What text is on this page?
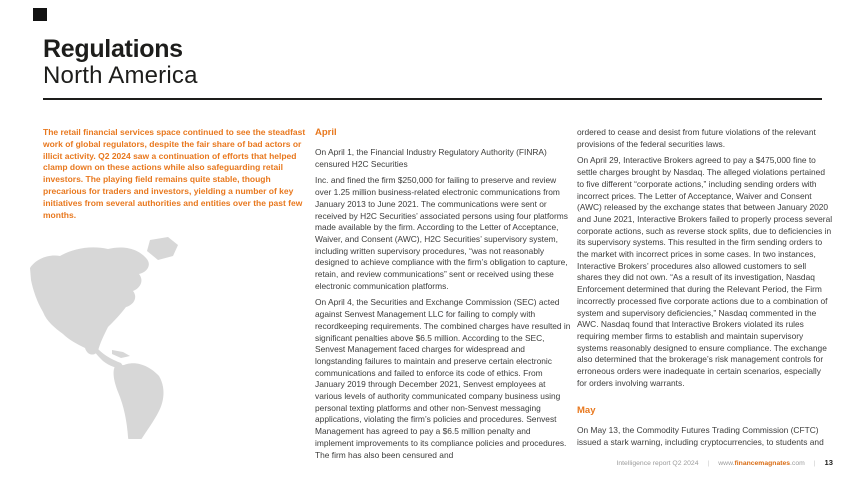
Regulations
North America

The retail financial services space continued to see the steadfast work of global regulators, despite the fair share of bad actors or illicit activity. Q2 2024 saw a continuation of efforts that helped clamp down on these actions while also safeguarding retail investors. The playing field remains quite stable, though precarious for traders and investors, yielding a number of key initiatives from several authorities and entities over the past few months.

April

On April 1, the Financial Industry Regulatory Authority (FINRA) censured H2C Securities

Inc. and fined the firm $250,000 for failing to preserve and review over 1.25 million business-related electronic communications from January 2013 to June 2021. The communications were sent or received by H2C Securities’ associated persons using four platforms made available by the firm. According to the Letter of Acceptance, Waiver, and Consent (AWC), H2C Securities’ supervisory system, including written supervisory procedures, “was not reasonably designed to achieve compliance with the firm’s obligation to capture, retain, and review communications” sent or received using these electronic communication platforms.

On April 4, the Securities and Exchange Commission (SEC) acted against Senvest Management LLC for failing to comply with recordkeeping requirements. The combined charges have resulted in significant penalties above $6.5 million. According to the SEC, Senvest Management faced charges for widespread and longstanding failures to maintain and preserve certain electronic communications and failed to enforce its code of ethics. From January 2019 through December 2021, Senvest employees at various levels of authority communicated company business using personal texting platforms and other non-Senvest messaging applications, violating the firm’s policies and procedures. Senvest Management has agreed to pay a $6.5 million penalty and implement improvements to its compliance policies and procedures. The firm has also been censured and

ordered to cease and desist from future violations of the relevant provisions of the federal securities laws.

On April 29, Interactive Brokers agreed to pay a $475,000 fine to settle charges brought by Nasdaq. The alleged violations pertained to five different “corporate actions,” including sending orders with incorrect prices. The Letter of Acceptance, Waiver and Consent (AWC) released by the exchange states that between January 2020 and June 2021, Interactive Brokers failed to properly process several corporate actions, such as reverse stock splits, due to deficiencies in its supervisory systems. This resulted in the firm sending orders to the market with incorrect prices in some cases. In two instances, Interactive Brokers’ procedures also allowed customers to sell shares they did not own. “As a result of its investigation, Nasdaq Enforcement determined that during the Relevant Period, the Firm incorrectly processed five corporate actions due to a combination of system and supervisory deficiencies,” Nasdaq commented in the AWC. Nasdaq found that Interactive Brokers violated its rules requiring member firms to establish and maintain supervisory systems reasonably designed to ensure compliance. The exchange also determined that the brokerage’s risk management controls for erroneous orders were inadequate in certain scenarios, especially for orders involving warrants.

May

On May 13, the Commodity Futures Trading Commission (CFTC) issued a stark warning, including cryptocurrencies, to students and

Intelligence report Q2 2024 | www.financemagnates.com | 13
